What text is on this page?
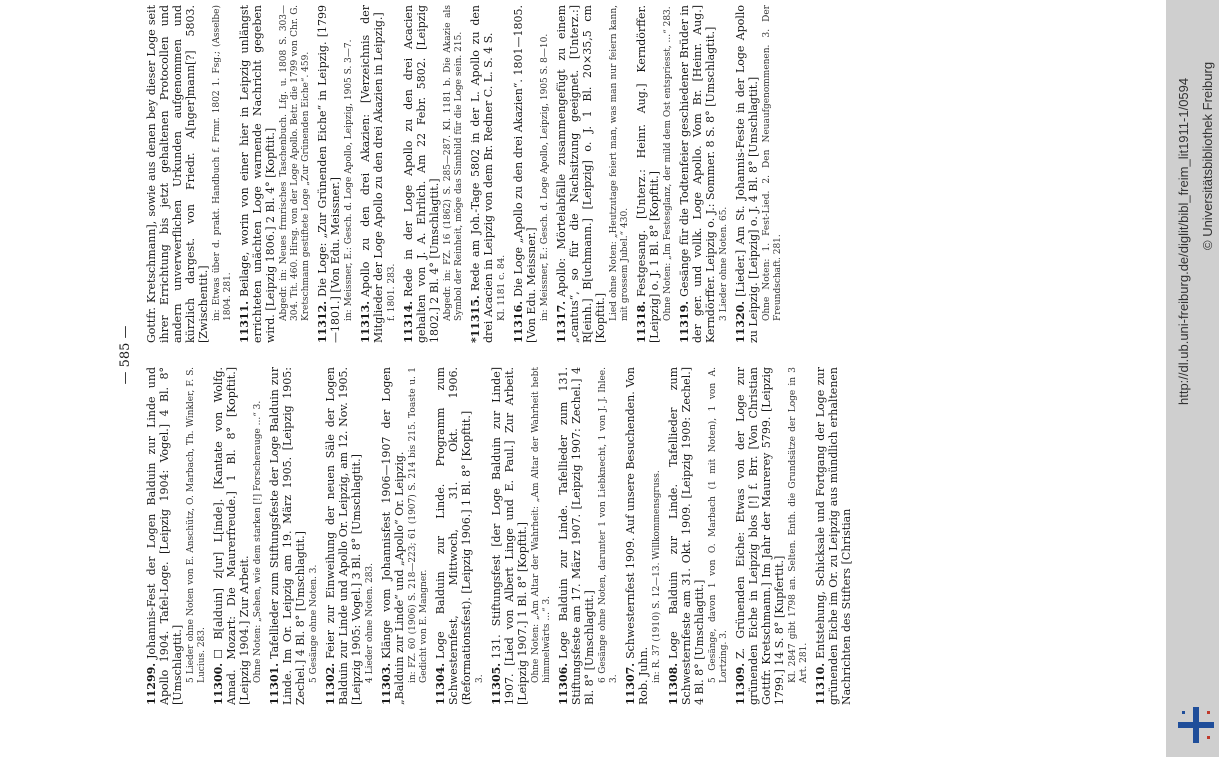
— 585 —
11299.Johannis-Fest der Logen Balduin zur Linde und Apollo 1904. Tafel-Loge. [Leipzig 1904: Vogel.] 4 Bl. 8° [Umschlagtit.] 5 Lieder ohne Noten von E. Anschütz, O. Marbach, Th. Winkler, F. S. Lucius. 283.
11300.☐ B[alduin] z[ur] L[inde]. [Kantate von Wolfg. Amad. Mozart: Die Maurerfreude.] 1 Bl. 8° [Kopftit.] [Leipzig 1904.] Zur Arbeit. Ohne Noten: „Sehen, wie dem starken [!] Forscherauge ...“ 3.
11301.Tafellieder zum Stiftungsfeste der Loge Balduin zur Linde. Im Or. Leipzig am 19. März 1905. [Leipzig 1905: Zechel.] 4 Bl. 8° [Umschlagtit.] 5 Gesänge ohne Noten. 3.
11302.Feier zur Einweihung der neuen Säle der Logen Balduin zur Linde und Apollo Or. Leipzig, am 12. Nov. 1905. [Leipzig 1905: Vogel.] 3 Bl. 8° [Umschlagtit.] 4 Lieder ohne Noten. 283.
11303.Klänge vom Johannisfest 1906—1907 der Logen „Balduin zur Linde“ und „Apollo“ Or. Leipzig. in: FZ. 60 (1906) S. 218—223; 61 (1907) S. 214 bis 215. Toaste u. 1 Gedicht von E. Mangner.
11304.Loge Balduin zur Linde. Programm zum Schwesternfest, Mittwoch, 31. Okt. 1906. (Reformationsfest). [Leipzig 1906.] 1 Bl. 8° [Kopftit.] 3. 11305.131. Stiftungsfest [der Loge Balduin zur Linde] 1907. [Lied von Albert Linge und E. Paul.] Zur Arbeit. [Leipzig 1907.] 1 Bl. 8° [Kopftit.] Ohne Noten: „Am Altar der Wahrheit: „Am Altar der Wahrheit hebt himmelwärts ...“ 3.
11306.Loge Balduin zur Linde. Tafellieder zum 131. Stiftungsfeste am 17. März 1907. [Leipzig 1907: Zechel.] 4 Bl. 8° [Umschlagtit.] 6 Gesänge ohne Noten, darunter 1 von Liebknecht, 1 von J. J. Ihlee. 3. 11307.Schwesternfest 1909. Auf unsere Besuchenden. Von Rob. Juhn. in: R. 37 (1910) S. 12—13. Willkommensgruss.
11308.Loge Balduin zur Linde. Tafellieder zum Schwesternfeste am 31. Okt. 1909. [Leipzig 1909: Zechel.] 4 Bl. 8° [Umschlagtit.] 5 Gesänge, davon 1 von O. Marbach (1 mit Noten), 1 von A. Lortzing. 3.
11309.Z. Grünenden Eiche: Etwas von der Loge zur grünenden Eiche in Leipzig blos [!] f. Brr. [Von Christian Gottfr. Kretschmann.] Im Jahr der Maurerey 5799. [Leipzig 1799.] 14 S. 8° [Kupfertit.] Kl. 2847 gibt 1798 an. Selten. Enth. die Grundsätze der Loge in 3 Art. 281. 11310.Entstehung, Schicksale und Fortgang der Loge zur grünenden Eiche im Or. zu Leipzig aus mündlich erhaltenen Nachrichten des Stifters [Christian
Gottfr. Kretschmann], sowie aus denen bey dieser Loge seit ihrer Errichtung bis jetzt gehaltenen Protocollen und andern unverwerflichen Urkunden aufgenommen und kürzlich dargest. von Friedr. A[nger]mann[?] 5803. [Zwischentit.] in: Etwas über d. prakt. Handbuch f. Frmr. 1802 1. Fsg.; (Asselbe) 1804. 281.
11311.Beilage, worin von einer hier in Leipzig unlängst errichteten unächten Loge warnende Nachricht gegeben wird. [Leipzig 1806.] 2 Bl. 4° [Kopftit.] Abgedr. in: Neues frmrisches Taschenbuch. Lfg. u. 1808 S. 303—304. Tit. 460. Hirsg. von der Loge Apollo. Betr. die 1799 von Chr. G. Kretschmann gestiftete Loge „Zur Grünenden Eiche“. 459.
11312.Die Loge: „Zur Grünenden Eiche“ in Leipzig. [1799—1801.] [Von Edu. Meissner.] in: Meissner, E.: Gesch. d. Loge Apollo, Leipzig, 1905 S. 3—7.
11313.Apollo zu den drei Akazien: [Verzeichnis der Mitglieder der Loge Apollo zu den drei Akazien in Leipzig.] f. 1801. 283.
11314.Rede in der Loge Apollo zu den drei Acacien gehalten von J. A. Ehrlich. Am 22 Febr. 5802. [Leipzig 1802.] 2 Bl. 4° [Umschlagtit.] Abgedr. in: FZ. 16 (1862) S. 285—287. Kl. 1181 b. Die Akazie als Symbol der Reinheit, möge das Sinnbild für die Loge sein. 215. *11315.Rede am Joh.-Tage 5802 in der L. Apollo zu den drei Acacien in Leipzig von dem Br. Redner C. L. S. 4 S. Kl. 1181 c. 84.
11316.Die Loge „Apollo zu den drei Akazien“. 1801—1805. [Von Edu. Meissner.] in: Meissner, E.: Gesch. d. Loge Apollo, Leipzig, 1905 S. 8—10.
11317.Apollo: Mörtelabfälle zusammengefügt zu einem „cantus“, so für die Nachsitzung geeignet. [Unterz.:] R[einh.] B[uchmann.] [Leipzig] o. J. 1 Bl. 20×35,5 cm [Kopftit.] Lied ohne Noten: „Heutzutage feiert man, was man nur feiern kann, mit grossem Jubel.“ 430.
11318.Festgesang. [Unterz.: Heinr. Aug.] Kerndörffer. [Leipzig] o. J. 1 Bl. 8° [Kopftit.] Ohne Noten: „Im Festesglanz, der mild dem Ost entspriesst, ...“ 283.
11319.Gesänge für die Todtenfeier geschiedener Brüder in der ger. und vollk. Loge Apollo. Vom Br. [Heinr. Aug.] Kerndörffer. Leipzig o. J.: Sommer. 8 S. 8° [Umschlagtit.] 3 Lieder ohne Noten. 65.
11320.[Lieder.] Am St. Johannis-Feste in der Loge Apollo zu Leipzig. [Leipzig] o. J. 4 Bl. 8° [Umschlagtit.] Ohne Noten: 1. Fest-Lied. 2. Den Neuaufgenommenen. 3. Der Freundschaft. 281.	http://dl.ub.uni-freiburg.de/diglit/bibl_freim_lit1911-1/0594 © Universitätsbibliothek Freiburg
